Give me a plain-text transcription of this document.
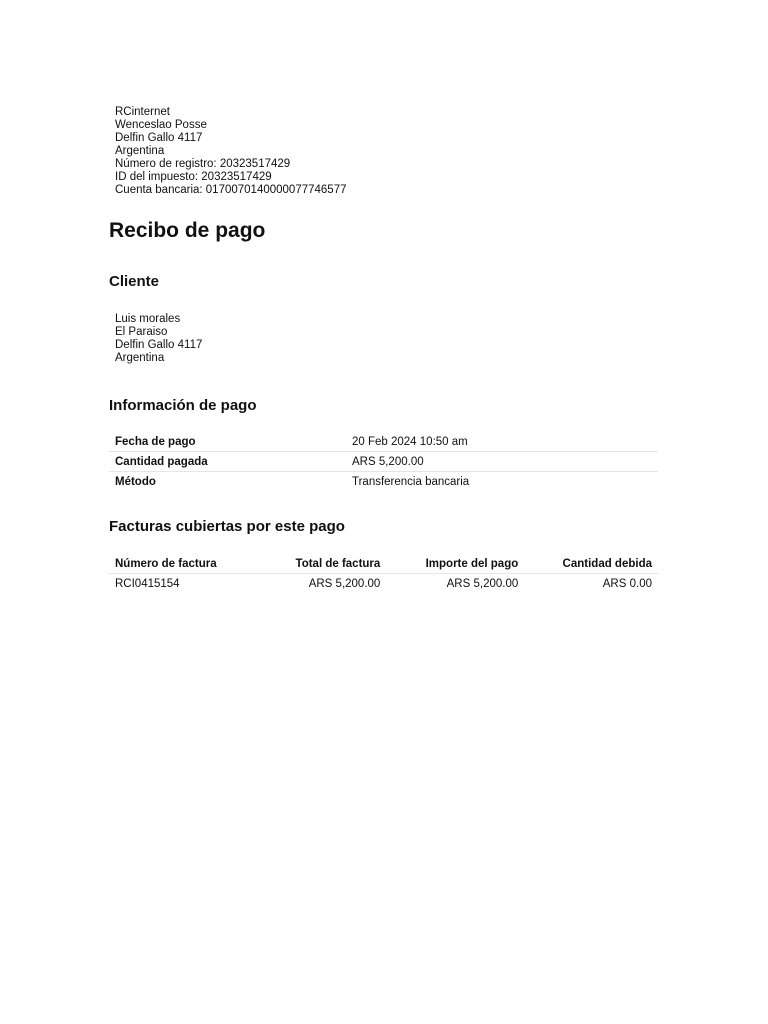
RCinternet
Wenceslao Posse
Delfin Gallo 4117
Argentina
Número de registro: 20323517429
ID del impuesto: 20323517429
Cuenta bancaria: 0170070140000077746577
Recibo de pago
Cliente
Luis morales
El Paraiso
Delfin Gallo 4117
Argentina
Información de pago
Fecha de pago	20 Feb 2024 10:50 am
Cantidad pagada	ARS 5,200.00
Método	Transferencia bancaria
Facturas cubiertas por este pago
Número de factura	Total de factura	Importe del pago	Cantidad debida
RCI0415154	ARS 5,200.00	ARS 5,200.00	ARS 0.00
